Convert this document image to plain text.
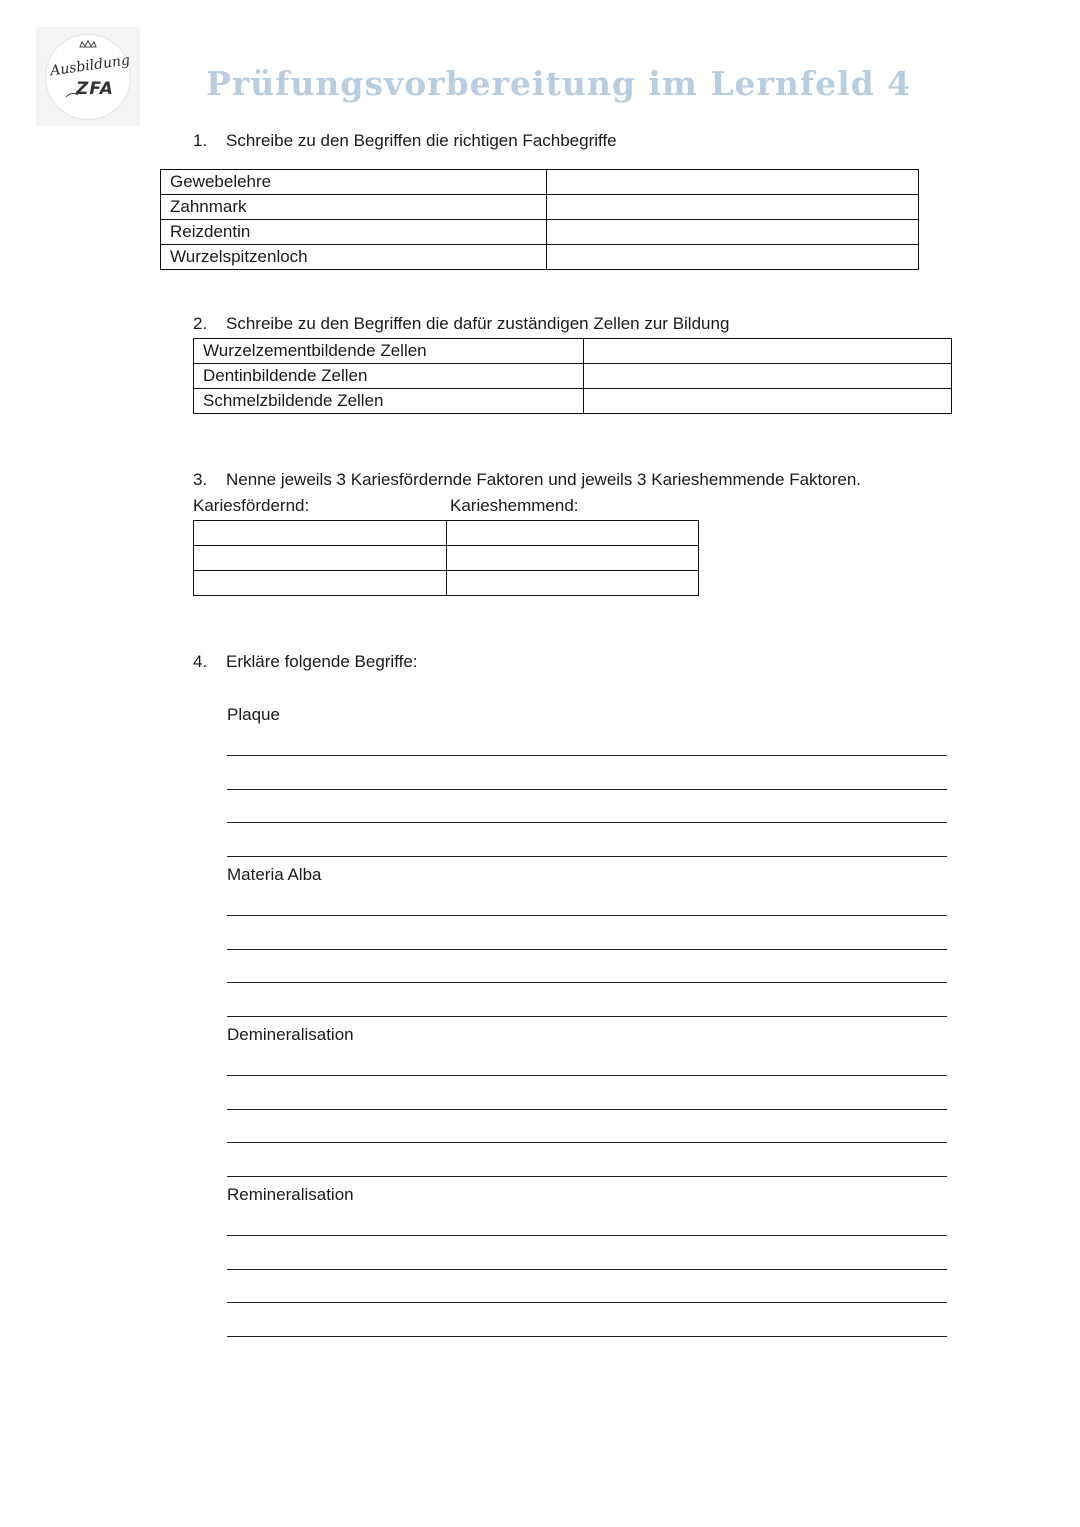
Ausbildung
ZFA	Prüfungsvorbereitung im Lernfeld 4
1. Schreibe zu den Begriffen die richtigen Fachbegriffe
Gewebelehre	
Zahnmark	
Reizdentin	
Wurzelspitzenloch	
2. Schreibe zu den Begriffen die dafür zuständigen Zellen zur Bildung
Wurzelzementbildende Zellen	
Dentinbildende Zellen	
Schmelzbildende Zellen	
3. Nenne jeweils 3 Kariesfördernde Faktoren und jeweils 3 Karieshemmende Faktoren.
Kariesfördernd:	Karieshemmend:

4. Erkläre folgende Begriffe:
Plaque
Materia Alba
Demineralisation
Remineralisation
